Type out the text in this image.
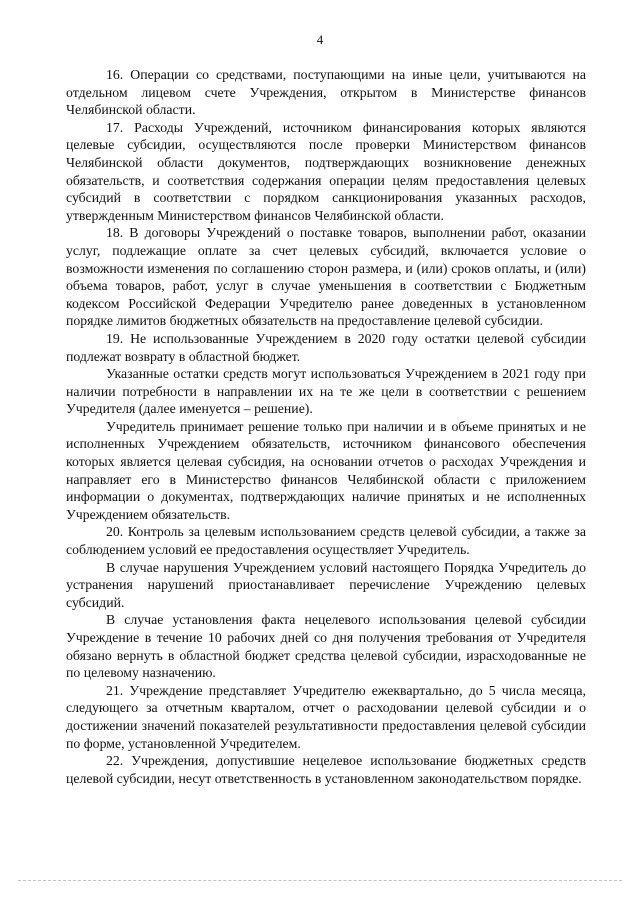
4

16. Операции со средствами, поступающими на иные цели, учитываются на отдельном лицевом счете Учреждения, открытом в Министерстве финансов Челябинской области.

17. Расходы Учреждений, источником финансирования которых являются целевые субсидии, осуществляются после проверки Министерством финансов Челябинской области документов, подтверждающих возникновение денежных обязательств, и соответствия содержания операции целям предоставления целевых субсидий в соответствии с порядком санкционирования указанных расходов, утвержденным Министерством финансов Челябинской области.

18. В договоры Учреждений о поставке товаров, выполнении работ, оказании услуг, подлежащие оплате за счет целевых субсидий, включается условие о возможности изменения по соглашению сторон размера, и (или) сроков оплаты, и (или) объема товаров, работ, услуг в случае уменьшения в соответствии с Бюджетным кодексом Российской Федерации Учредителю ранее доведенных в установленном порядке лимитов бюджетных обязательств на предоставление целевой субсидии.

19. Не использованные Учреждением в 2020 году остатки целевой субсидии подлежат возврату в областной бюджет.

Указанные остатки средств могут использоваться Учреждением в 2021 году при наличии потребности в направлении их на те же цели в соответствии с решением Учредителя (далее именуется – решение).

Учредитель принимает решение только при наличии и в объеме принятых и не исполненных Учреждением обязательств, источником финансового обеспечения которых является целевая субсидия, на основании отчетов о расходах Учреждения и направляет его в Министерство финансов Челябинской области с приложением информации о документах, подтверждающих наличие принятых и не исполненных Учреждением обязательств.

20. Контроль за целевым использованием средств целевой субсидии, а также за соблюдением условий ее предоставления осуществляет Учредитель.

В случае нарушения Учреждением условий настоящего Порядка Учредитель до устранения нарушений приостанавливает перечисление Учреждению целевых субсидий.

В случае установления факта нецелевого использования целевой субсидии Учреждение в течение 10 рабочих дней со дня получения требования от Учредителя обязано вернуть в областной бюджет средства целевой субсидии, израсходованные не по целевому назначению.

21. Учреждение представляет Учредителю ежеквартально, до 5 числа месяца, следующего за отчетным кварталом, отчет о расходовании целевой субсидии и о достижении значений показателей результативности предоставления целевой субсидии по форме, установленной Учредителем.

22. Учреждения, допустившие нецелевое использование бюджетных средств целевой субсидии, несут ответственность в установленном законодательством порядке.
